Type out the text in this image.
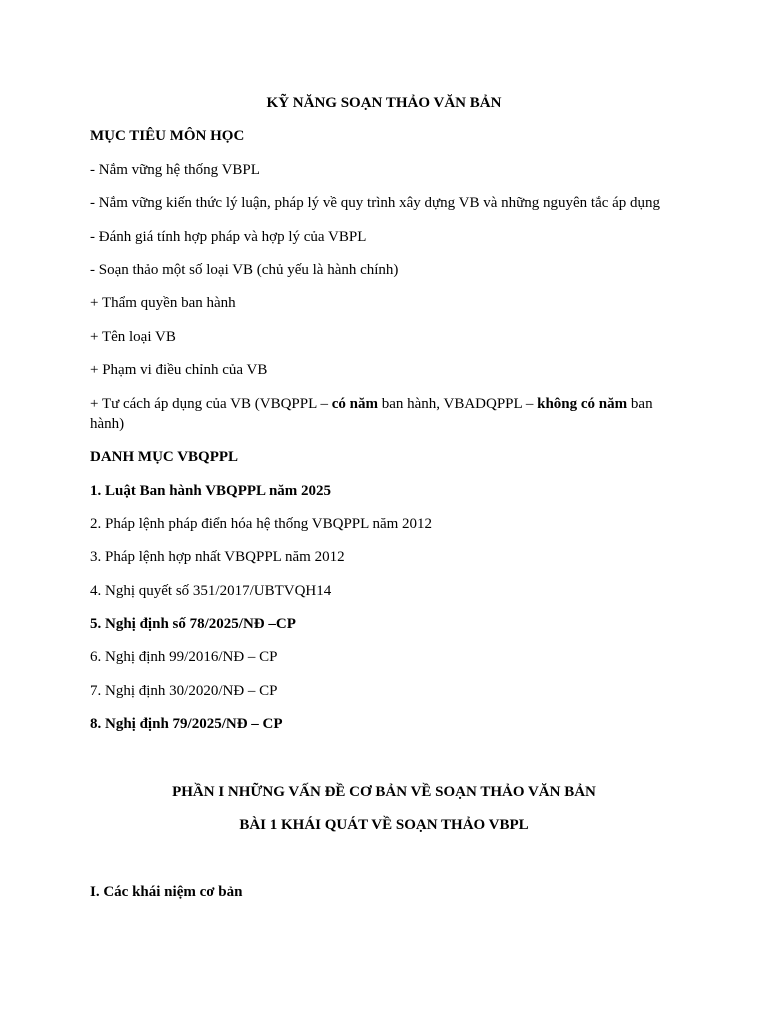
KỸ NĂNG SOẠN THẢO VĂN BẢN
MỤC TIÊU MÔN HỌC
- Nắm vững hệ thống VBPL
- Nắm vững kiến thức lý luận, pháp lý về quy trình xây dựng VB và những nguyên tắc áp dụng
- Đánh giá tính hợp pháp và hợp lý của VBPL
- Soạn thảo một số loại VB (chủ yếu là hành chính)
+ Thẩm quyền ban hành
+ Tên loại VB
+ Phạm vi điều chỉnh của VB
+ Tư cách áp dụng của VB (VBQPPL – có năm ban hành, VBADQPPL – không có năm ban hành)
DANH MỤC VBQPPL
1. Luật Ban hành VBQPPL năm 2025
2. Pháp lệnh pháp điển hóa hệ thống VBQPPL năm 2012
3. Pháp lệnh hợp nhất VBQPPL năm 2012
4. Nghị quyết số 351/2017/UBTVQH14
5. Nghị định số 78/2025/NĐ –CP
6. Nghị định 99/2016/NĐ – CP
7. Nghị định 30/2020/NĐ – CP
8. Nghị định 79/2025/NĐ – CP
PHẦN I NHỮNG VẤN ĐỀ CƠ BẢN VỀ SOẠN THẢO VĂN BẢN
BÀI 1 KHÁI QUÁT VỀ SOẠN THẢO VBPL
I. Các khái niệm cơ bản
